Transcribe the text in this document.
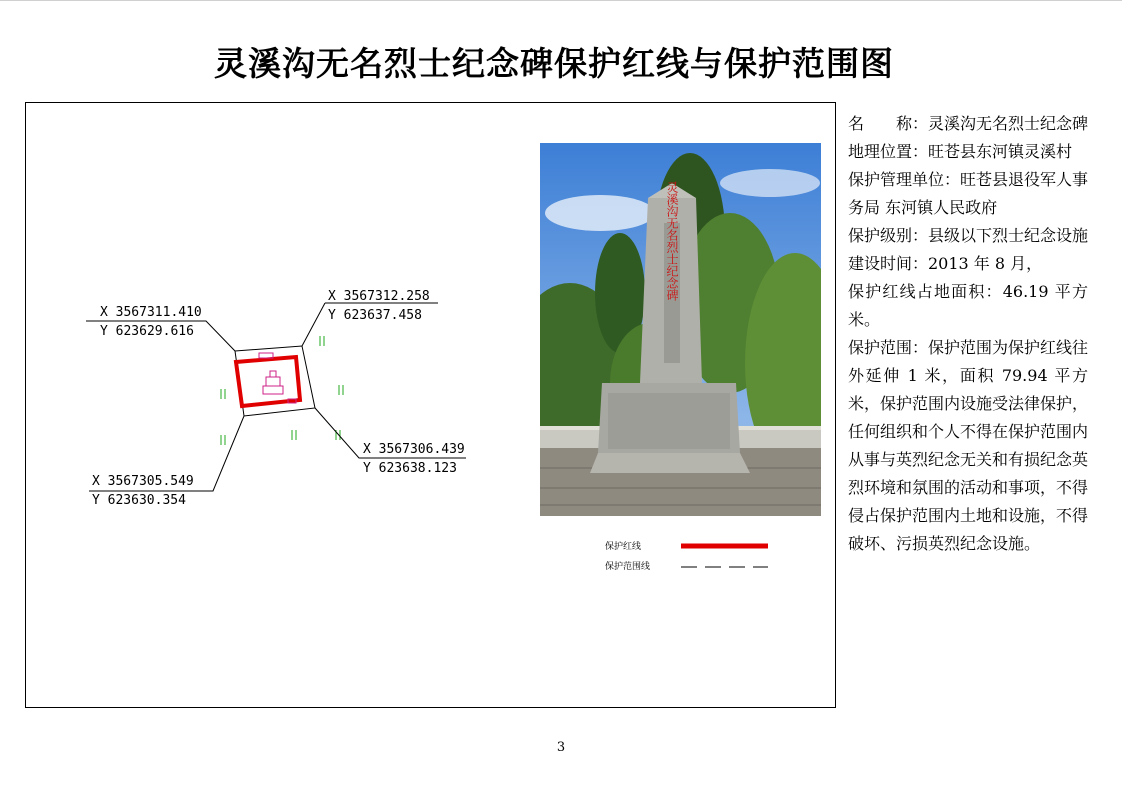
灵溪沟无名烈士纪念碑保护红线与保护范围图
X 3567311.410
Y 623629.616
X 3567312.258
Y 623637.458
X 3567306.439
Y 623638.123
X 3567305.549
Y 623630.354
保护红线
保护范围线
灵溪沟无名烈士纪念碑

名　　称：灵溪沟无名烈士纪念碑

地理位置：旺苍县东河镇灵溪村

保护管理单位：旺苍县退役军人事务局 东河镇人民政府

保护级别：县级以下烈士纪念设施

建设时间：2013 年 8 月，

保护红线占地面积：46.19 平方米。

保护范围：保护范围为保护红线往外延伸 1 米，面积 79.94 平方米，保护范围内设施受法律保护，任何组织和个人不得在保护范围内从事与英烈纪念无关和有损纪念英烈环境和氛围的活动和事项，不得侵占保护范围内土地和设施，不得破坏、污损英烈纪念设施。

3
